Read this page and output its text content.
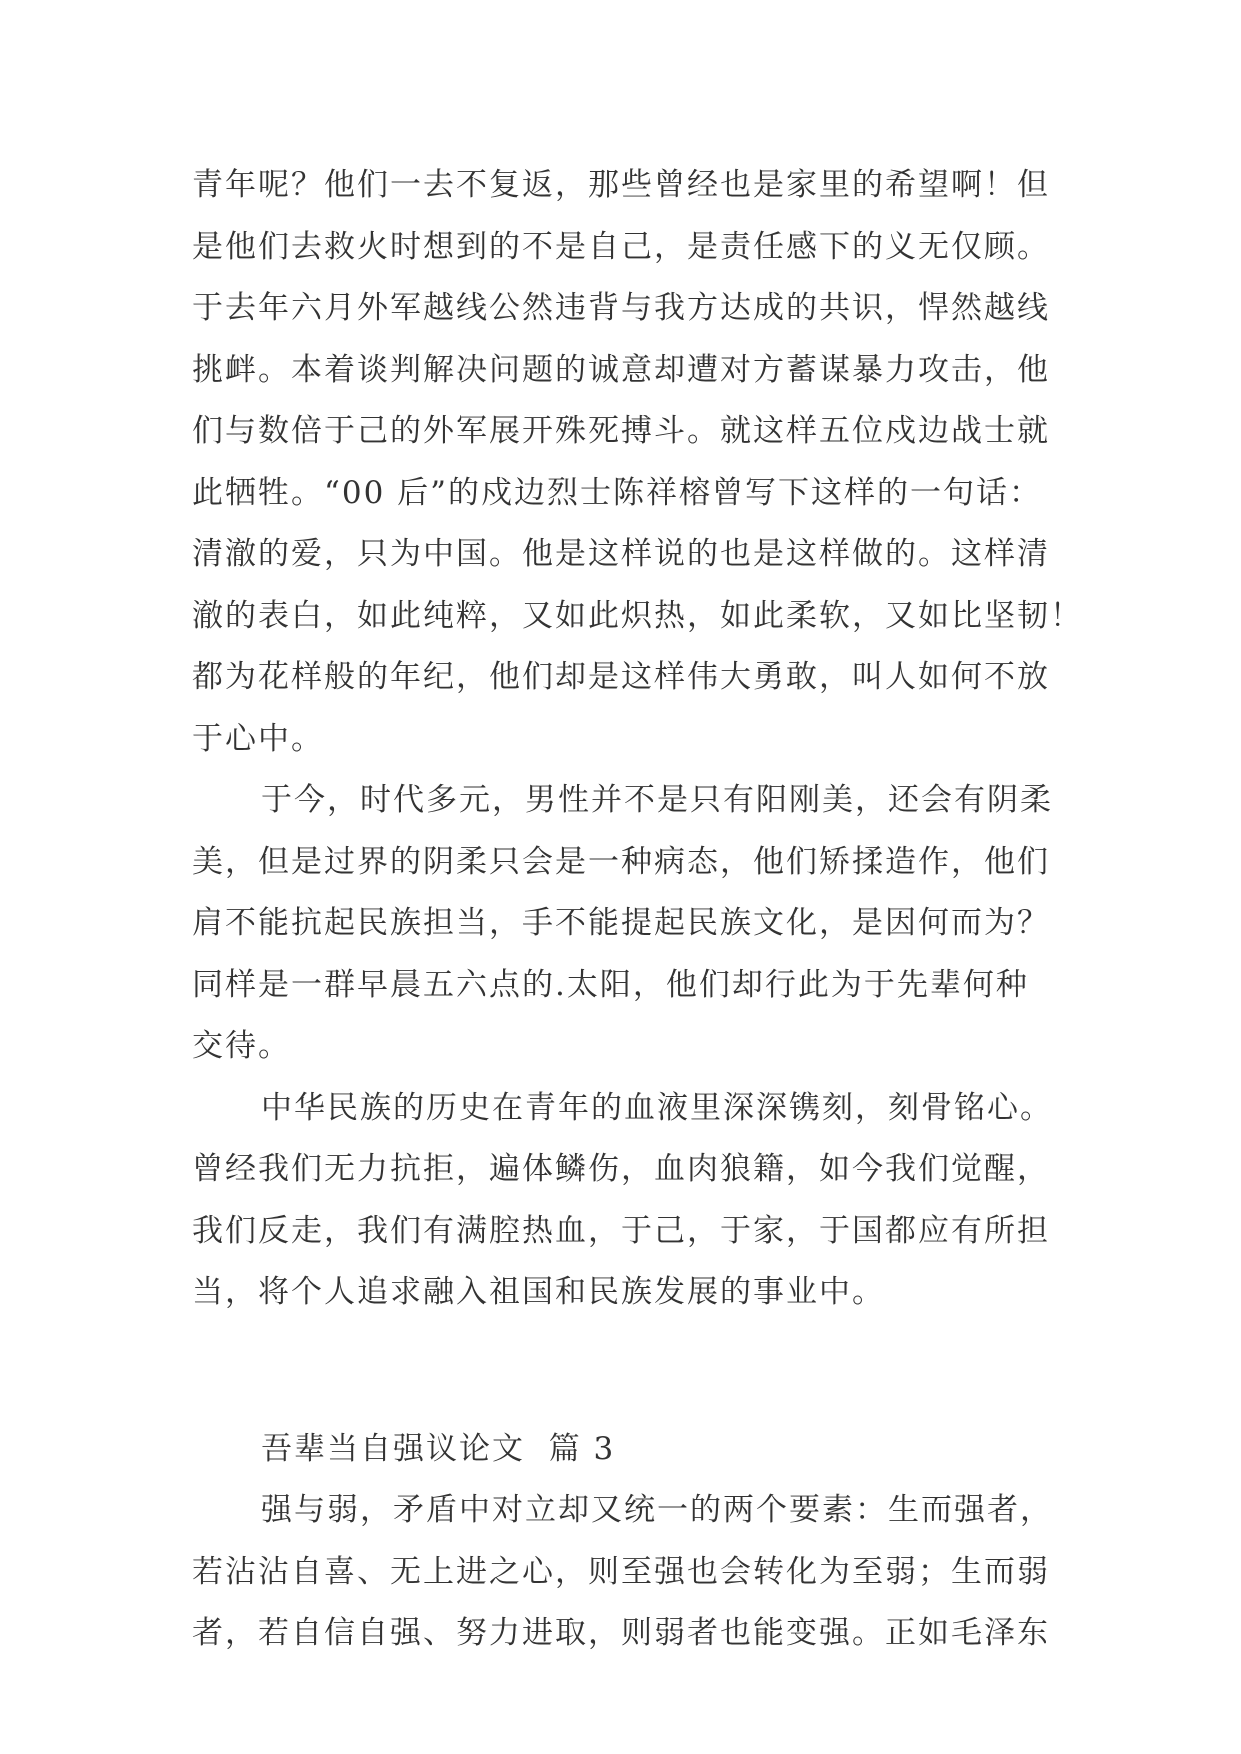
青年呢？他们一去不复返，那些曾经也是家里的希望啊！但
是他们去救火时想到的不是自己，是责任感下的义无仅顾。
于去年六月外军越线公然违背与我方达成的共识，悍然越线
挑衅。本着谈判解决问题的诚意却遭对方蓄谋暴力攻击，他
们与数倍于己的外军展开殊死搏斗。就这样五位戍边战士就
此牺牲。“00 后”的戍边烈士陈祥榕曾写下这样的一句话：
清澈的爱，只为中国。他是这样说的也是这样做的。这样清
澈的表白，如此纯粹，又如此炽热，如此柔软，又如比坚韧！
都为花样般的年纪，他们却是这样伟大勇敢，叫人如何不放
于心中。
于今，时代多元，男性并不是只有阳刚美，还会有阴柔
美，但是过界的阴柔只会是一种病态，他们矫揉造作，他们
肩不能抗起民族担当，手不能提起民族文化，是因何而为？
同样是一群早晨五六点的.太阳，他们却行此为于先辈何种
交待。
中华民族的历史在青年的血液里深深镌刻，刻骨铭心。
曾经我们无力抗拒，遍体鳞伤，血肉狼籍，如今我们觉醒，
我们反走，我们有满腔热血，于己，于家，于国都应有所担
当，将个人追求融入祖国和民族发展的事业中。
吾辈当自强议论文  篇 3
强与弱，矛盾中对立却又统一的两个要素：生而强者，
若沾沾自喜、无上进之心，则至强也会转化为至弱；生而弱
者，若自信自强、努力进取，则弱者也能变强。正如毛泽东
